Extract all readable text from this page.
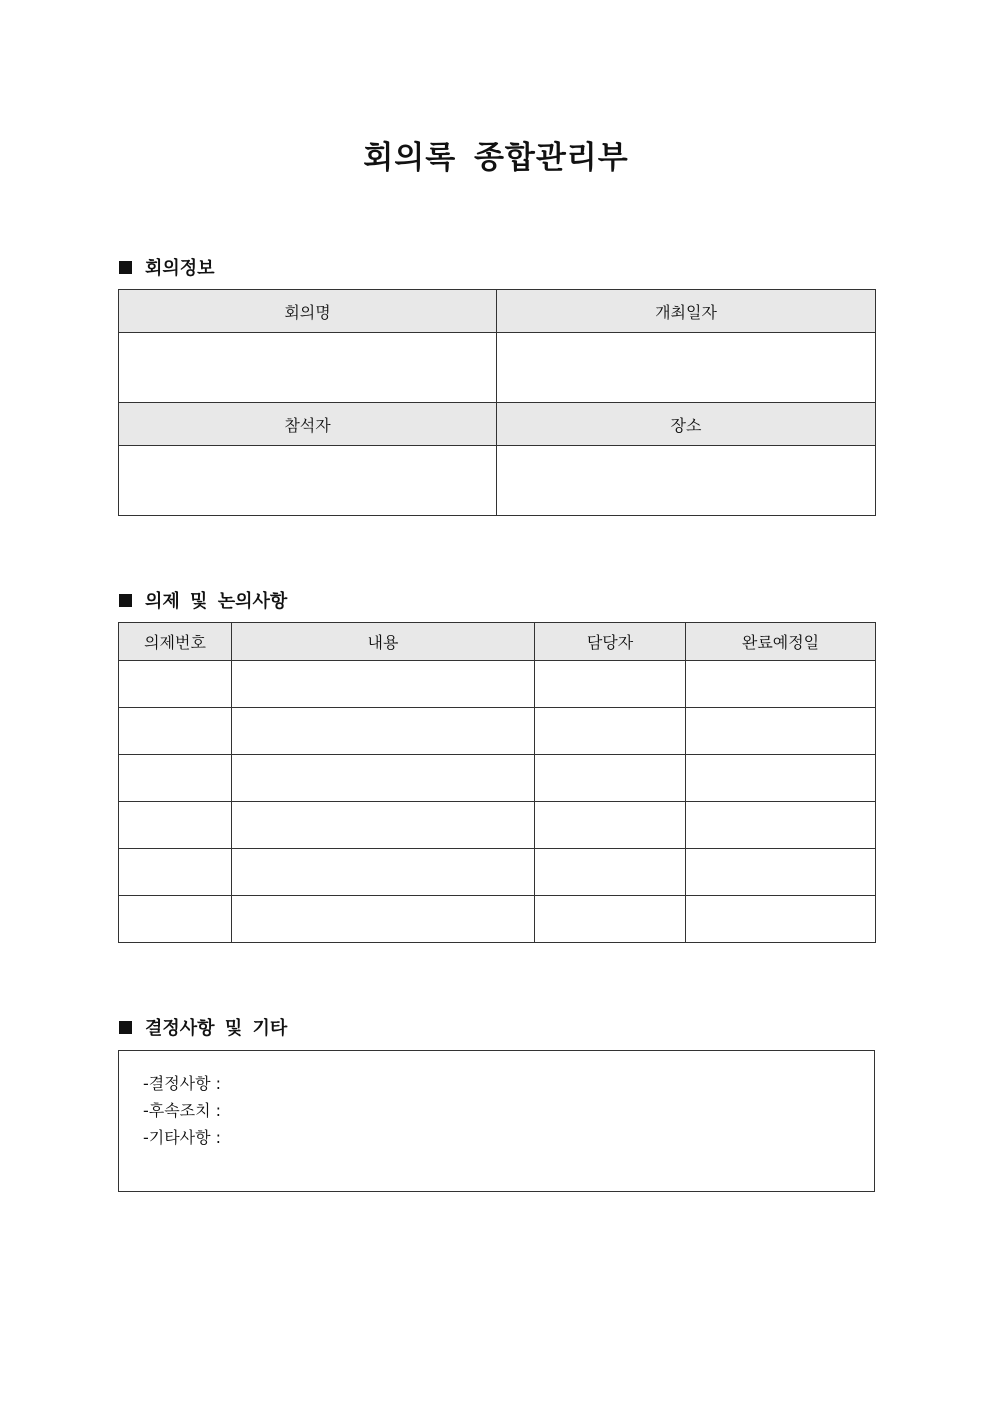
회의록 종합관리부
회의정보
회의명	개최일자

참석자	장소

의제 및 논의사항
의제번호	내용	담당자	완료예정일

결정사항 및 기타
-결정사항 :
-후속조치 :
-기타사항 :
